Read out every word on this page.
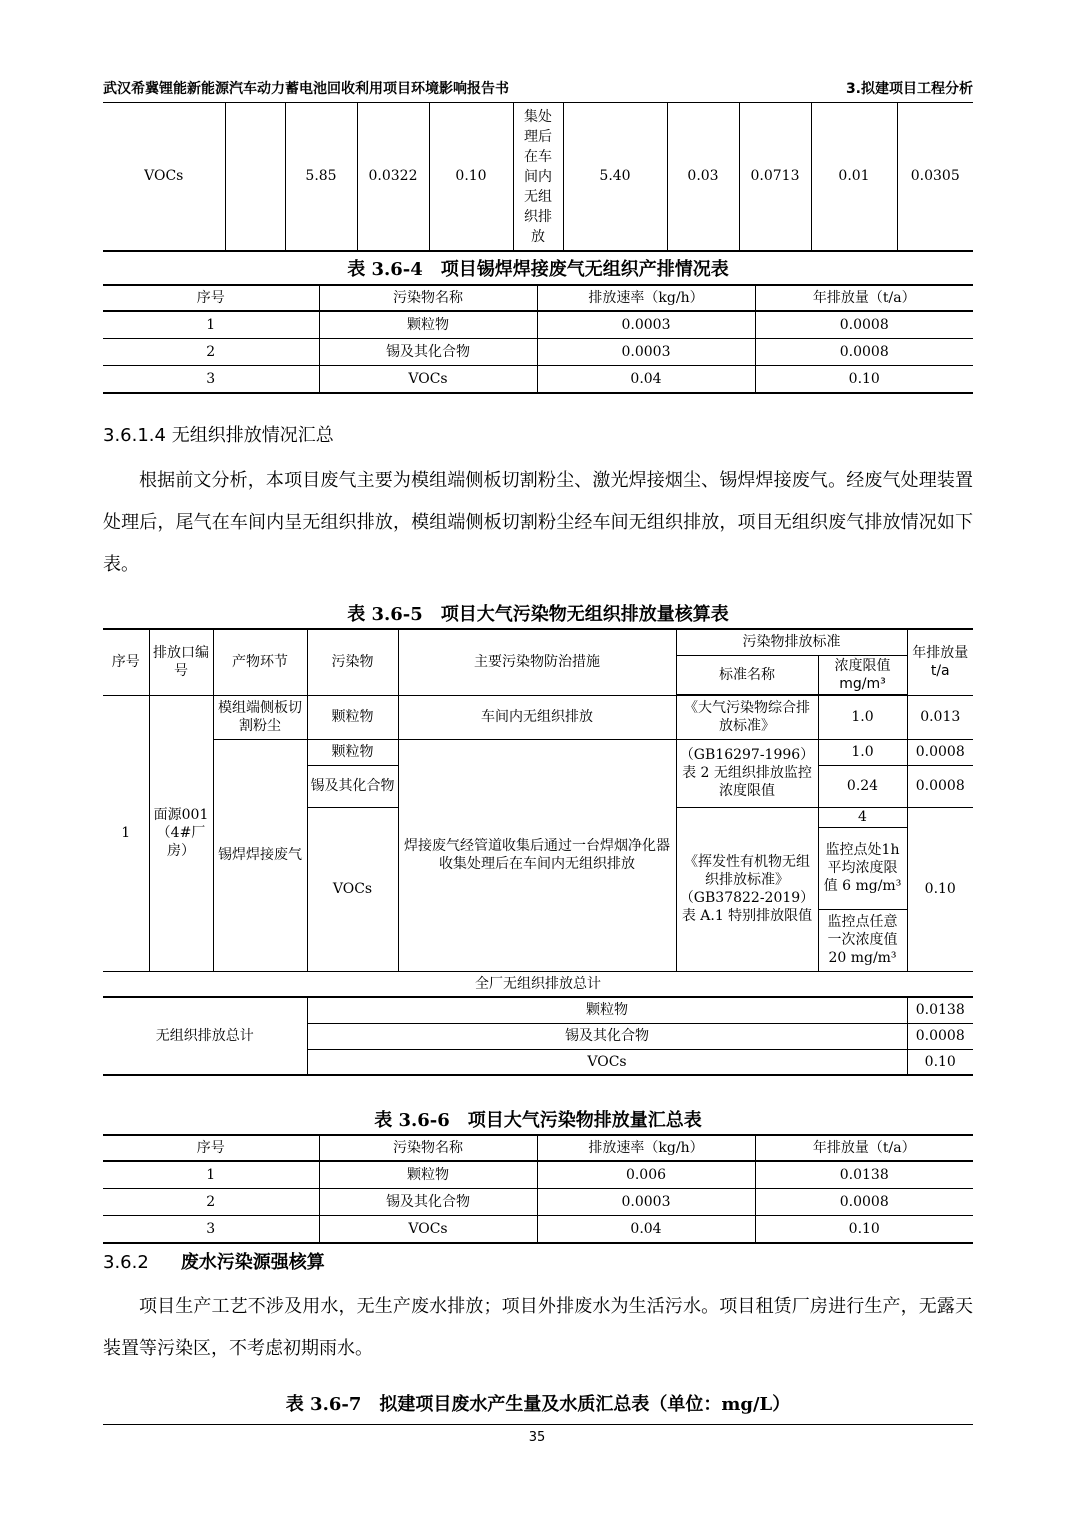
武汉希冀锂能新能源汽车动力蓄电池回收利用项目环境影响报告书	3.拟建项目工程分析
VOCs		5.85	0.0322	0.10	集处理后在车间内无组织排放	5.40	0.03	0.0713	0.01	0.0305
表 3.6-4　项目锡焊焊接废气无组织产排情况表
序号	污染物名称	排放速率（kg/h）	年排放量（t/a）
1	颗粒物	0.0003	0.0008
2	锡及其化合物	0.0003	0.0008
3	VOCs	0.04	0.10
3.6.1.4 无组织排放情况汇总
根据前文分析，本项目废气主要为模组端侧板切割粉尘、激光焊接烟尘、锡焊焊接废气。经废气处理装置处理后，尾气在车间内呈无组织排放，模组端侧板切割粉尘经车间无组织排放，项目无组织废气排放情况如下表。
表 3.6-5　项目大气污染物无组织排放量核算表
序号	排放口编号	产物环节	污染物	主要污染物防治措施	污染物排放标准		年排放量 t/a
					标准名称	浓度限值mg/m³	
1	面源001（4#厂房）	模组端侧板切割粉尘	颗粒物	车间内无组织排放	《大气污染物综合排放标准》	1.0	0.013
		锡焊焊接废气	颗粒物	焊接废气经管道收集后通过一台焊烟净化器收集处理后在车间内无组织排放	（GB16297-1996）表 2 无组织排放监控浓度限值	1.0	0.0008
			锡及其化合物			0.24	0.0008
			VOCs		《挥发性有机物无组织排放标准》（GB37822-2019）表 A.1 特别排放限值	4	0.10
						监控点处1h 平均浓度限值 6 mg/m³	
						监控点任意一次浓度值 20 mg/m³	
全厂无组织排放总计							
无组织排放总计			颗粒物				0.0138
			锡及其化合物				0.0008
			VOCs				0.10
表 3.6-6　项目大气污染物排放量汇总表
序号	污染物名称	排放速率（kg/h）	年排放量（t/a）
1	颗粒物	0.006	0.0138
2	锡及其化合物	0.0003	0.0008
3	VOCs	0.04	0.10
3.6.2 废水污染源强核算
项目生产工艺不涉及用水，无生产废水排放；项目外排废水为生活污水。项目租赁厂房进行生产，无露天装置等污染区，不考虑初期雨水。
表 3.6-7　拟建项目废水产生量及水质汇总表（单位：mg/L）
35
